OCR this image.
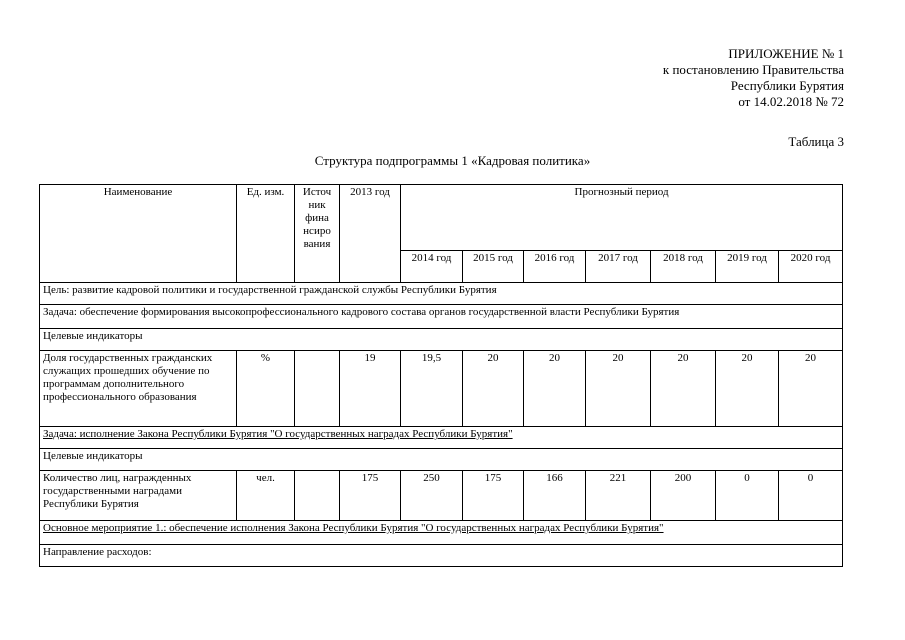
ПРИЛОЖЕНИЕ № 1
к постановлению Правительства
Республики Бурятия
от 14.02.2018 № 72
Таблица 3
Структура подпрограммы 1 «Кадровая политика»
Наименование	Ед. изм.	Источ ник фина нсиро вания	2013 год	Прогнозный период						
				2014 год	2015 год	2016 год	2017 год	2018 год	2019 год	2020 год
Цель: развитие кадровой политики и государственной гражданской службы Республики Бурятия										
Задача: обеспечение формирования высокопрофессионального кадрового состава органов государственной власти Республики Бурятия										
Целевые индикаторы										
Доля государственных гражданских служащих прошедших обучение по программам дополнительного профессионального образования	%		19	19,5	20	20	20	20	20	20
Задача: исполнение Закона Республики Бурятия "О государственных наградах Республики Бурятия"										
Целевые индикаторы										
Количество лиц, награжденных государственными наградами Республики Бурятия	чел.		175	250	175	166	221	200	0	0
Основное мероприятие 1.: обеспечение исполнения Закона Республики Бурятия "О государственных наградах Республики Бурятия"										
Направление расходов:										
